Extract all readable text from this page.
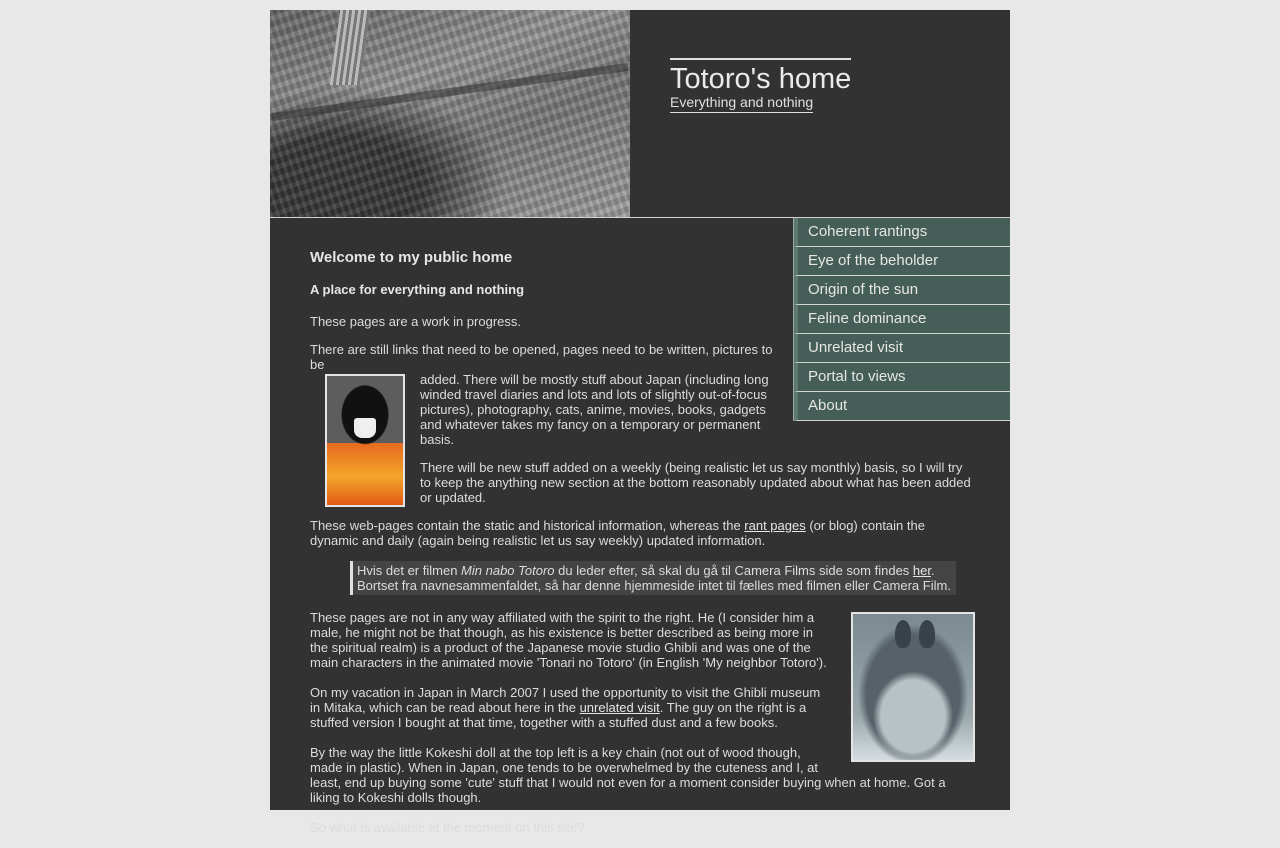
Totoro's home
Everything and nothing
Coherent rantings
Eye of the beholder
Origin of the sun
Feline dominance
Unrelated visit
Portal to views
About
Welcome to my public home
A place for everything and nothing

These pages are a work in progress.

There are still links that need to be opened, pages need to be written, pictures to be

added. There will be mostly stuff about Japan (including long winded travel diaries and lots and lots of slightly out-of-focus pictures), photography, cats, anime, movies, books, gadgets and whatever takes my fancy on a temporary or permanent basis.

There will be new stuff added on a weekly (being realistic let us say monthly) basis, so I will try to keep the anything new section at the bottom reasonably updated about what has been added or updated.

These web-pages contain the static and historical information, whereas the rant pages (or blog) contain the dynamic and daily (again being realistic let us say weekly) updated information.

Hvis det er filmen Min nabo Totoro du leder efter, så skal du gå til Camera Films side som findes her. Bortset fra navnesammenfaldet, så har denne hjemmeside intet til fælles med filmen eller Camera Film.

These pages are not in any way affiliated with the spirit to the right. He (I consider him a male, he might not be that though, as his existence is better described as being more in the spiritual realm) is a product of the Japanese movie studio Ghibli and was one of the main characters in the animated movie 'Tonari no Totoro' (in English 'My neighbor Totoro').

On my vacation in Japan in March 2007 I used the opportunity to visit the Ghibli museum in Mitaka, which can be read about here in the unrelated visit. The guy on the right is a stuffed version I bought at that time, together with a stuffed dust and a few books.

By the way the little Kokeshi doll at the top left is a key chain (not out of wood though, made in plastic). When in Japan, one tends to be overwhelmed by the cuteness and I, at least, end up buying some 'cute' stuff that I would not even for a moment consider buying when at home. Got a liking to Kokeshi dolls though.

So what is available at the moment on this site?
